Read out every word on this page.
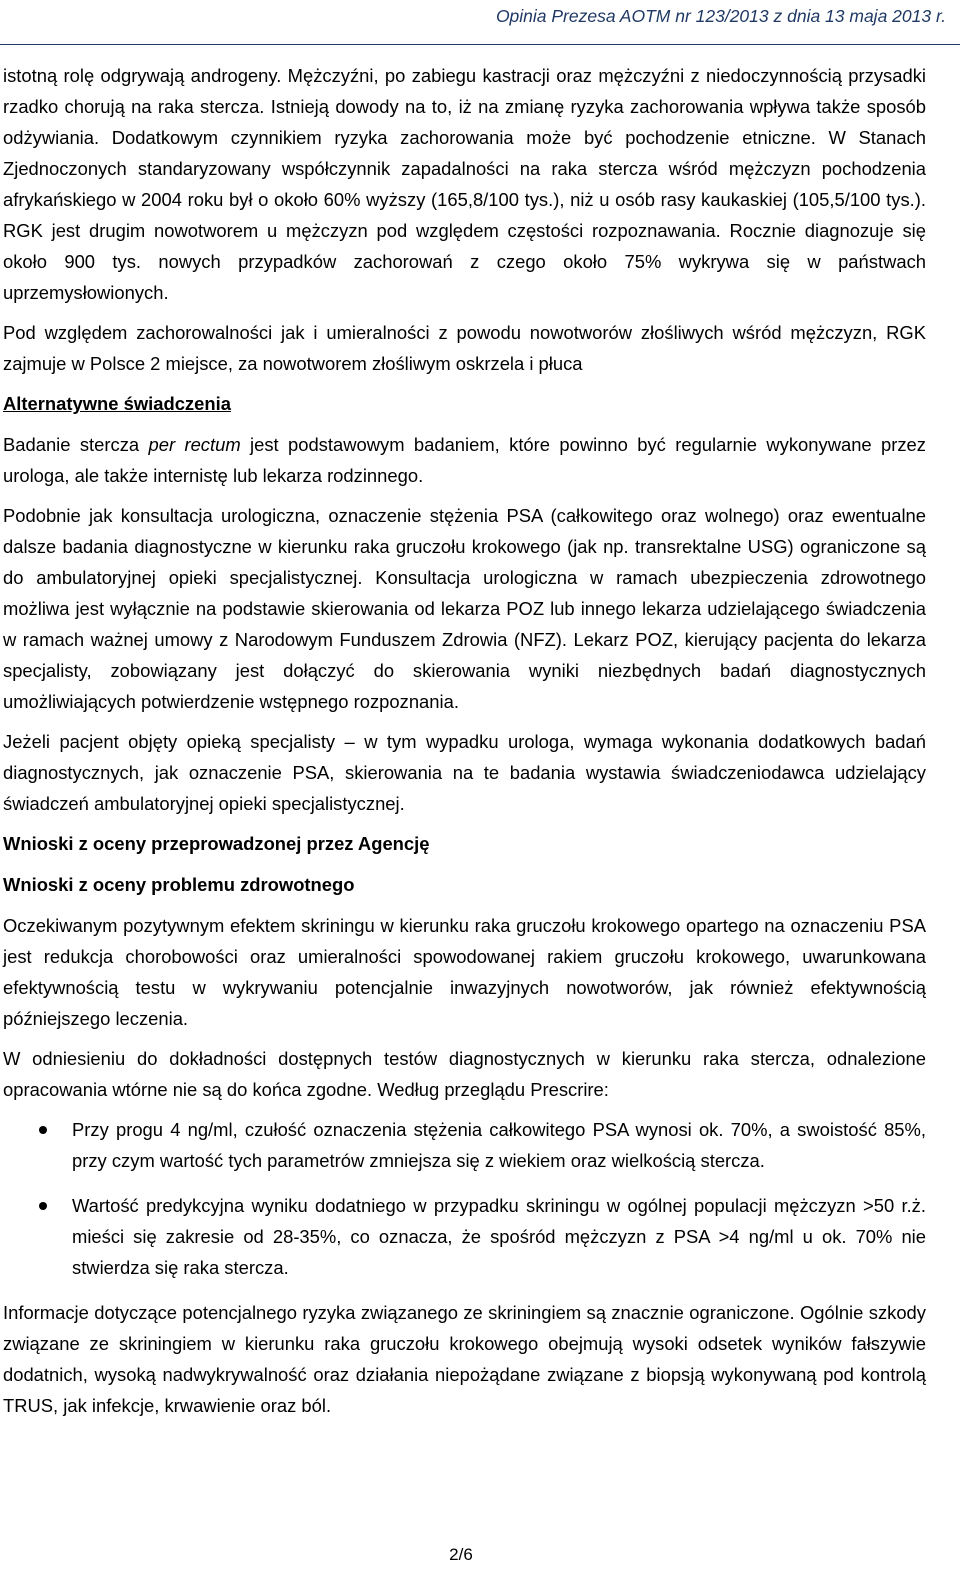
Opinia Prezesa AOTM nr 123/2013 z dnia 13 maja 2013 r.

istotną rolę odgrywają androgeny. Mężczyźni, po zabiegu kastracji oraz mężczyźni z niedoczynnością przysadki rzadko chorują na raka stercza. Istnieją dowody na to, iż na zmianę ryzyka zachorowania wpływa także sposób odżywiania. Dodatkowym czynnikiem ryzyka zachorowania może być pochodzenie etniczne. W Stanach Zjednoczonych standaryzowany współczynnik zapadalności na raka stercza wśród mężczyzn pochodzenia afrykańskiego w 2004 roku był o około 60% wyższy (165,8/100 tys.), niż u osób rasy kaukaskiej (105,5/100 tys.). RGK jest drugim nowotworem u mężczyzn pod względem częstości rozpoznawania. Rocznie diagnozuje się około 900 tys. nowych przypadków zachorowań z czego około 75% wykrywa się w państwach uprzemysłowionych.

Pod względem zachorowalności jak i umieralności z powodu nowotworów złośliwych wśród mężczyzn, RGK zajmuje w Polsce 2 miejsce, za nowotworem złośliwym oskrzela i płuca

Alternatywne świadczenia

Badanie stercza per rectum jest podstawowym badaniem, które powinno być regularnie wykonywane przez urologa, ale także internistę lub lekarza rodzinnego.

Podobnie jak konsultacja urologiczna, oznaczenie stężenia PSA (całkowitego oraz wolnego) oraz ewentualne dalsze badania diagnostyczne w kierunku raka gruczołu krokowego (jak np. transrektalne USG) ograniczone są do ambulatoryjnej opieki specjalistycznej. Konsultacja urologiczna w ramach ubezpieczenia zdrowotnego możliwa jest wyłącznie na podstawie skierowania od lekarza POZ lub innego lekarza udzielającego świadczenia w ramach ważnej umowy z Narodowym Funduszem Zdrowia (NFZ). Lekarz POZ, kierujący pacjenta do lekarza specjalisty, zobowiązany jest dołączyć do skierowania wyniki niezbędnych badań diagnostycznych umożliwiających potwierdzenie wstępnego rozpoznania.

Jeżeli pacjent objęty opieką specjalisty – w tym wypadku urologa, wymaga wykonania dodatkowych badań diagnostycznych, jak oznaczenie PSA, skierowania na te badania wystawia świadczeniodawca udzielający świadczeń ambulatoryjnej opieki specjalistycznej.

Wnioski z oceny przeprowadzonej przez Agencję
Wnioski z oceny problemu zdrowotnego

Oczekiwanym pozytywnym efektem skriningu w kierunku raka gruczołu krokowego opartego na oznaczeniu PSA jest redukcja chorobowości oraz umieralności spowodowanej rakiem gruczołu krokowego, uwarunkowana efektywnością testu w wykrywaniu potencjalnie inwazyjnych nowotworów, jak również efektywnością późniejszego leczenia.

W odniesieniu do dokładności dostępnych testów diagnostycznych w kierunku raka stercza, odnalezione opracowania wtórne nie są do końca zgodne. Według przeglądu Prescrire:

Przy progu 4 ng/ml, czułość oznaczenia stężenia całkowitego PSA wynosi ok. 70%, a swoistość 85%, przy czym wartość tych parametrów zmniejsza się z wiekiem oraz wielkością stercza.
Wartość predykcyjna wyniku dodatniego w przypadku skriningu w ogólnej populacji mężczyzn >50 r.ż. mieści się zakresie od 28-35%, co oznacza, że spośród mężczyzn z PSA >4 ng/ml u ok. 70% nie stwierdza się raka stercza.

Informacje dotyczące potencjalnego ryzyka związanego ze skriningiem są znacznie ograniczone. Ogólnie szkody związane ze skriningiem w kierunku raka gruczołu krokowego obejmują wysoki odsetek wyników fałszywie dodatnich, wysoką nadwykrywalność oraz działania niepożądane związane z biopsją wykonywaną pod kontrolą TRUS, jak infekcje, krwawienie oraz ból.

2/6
